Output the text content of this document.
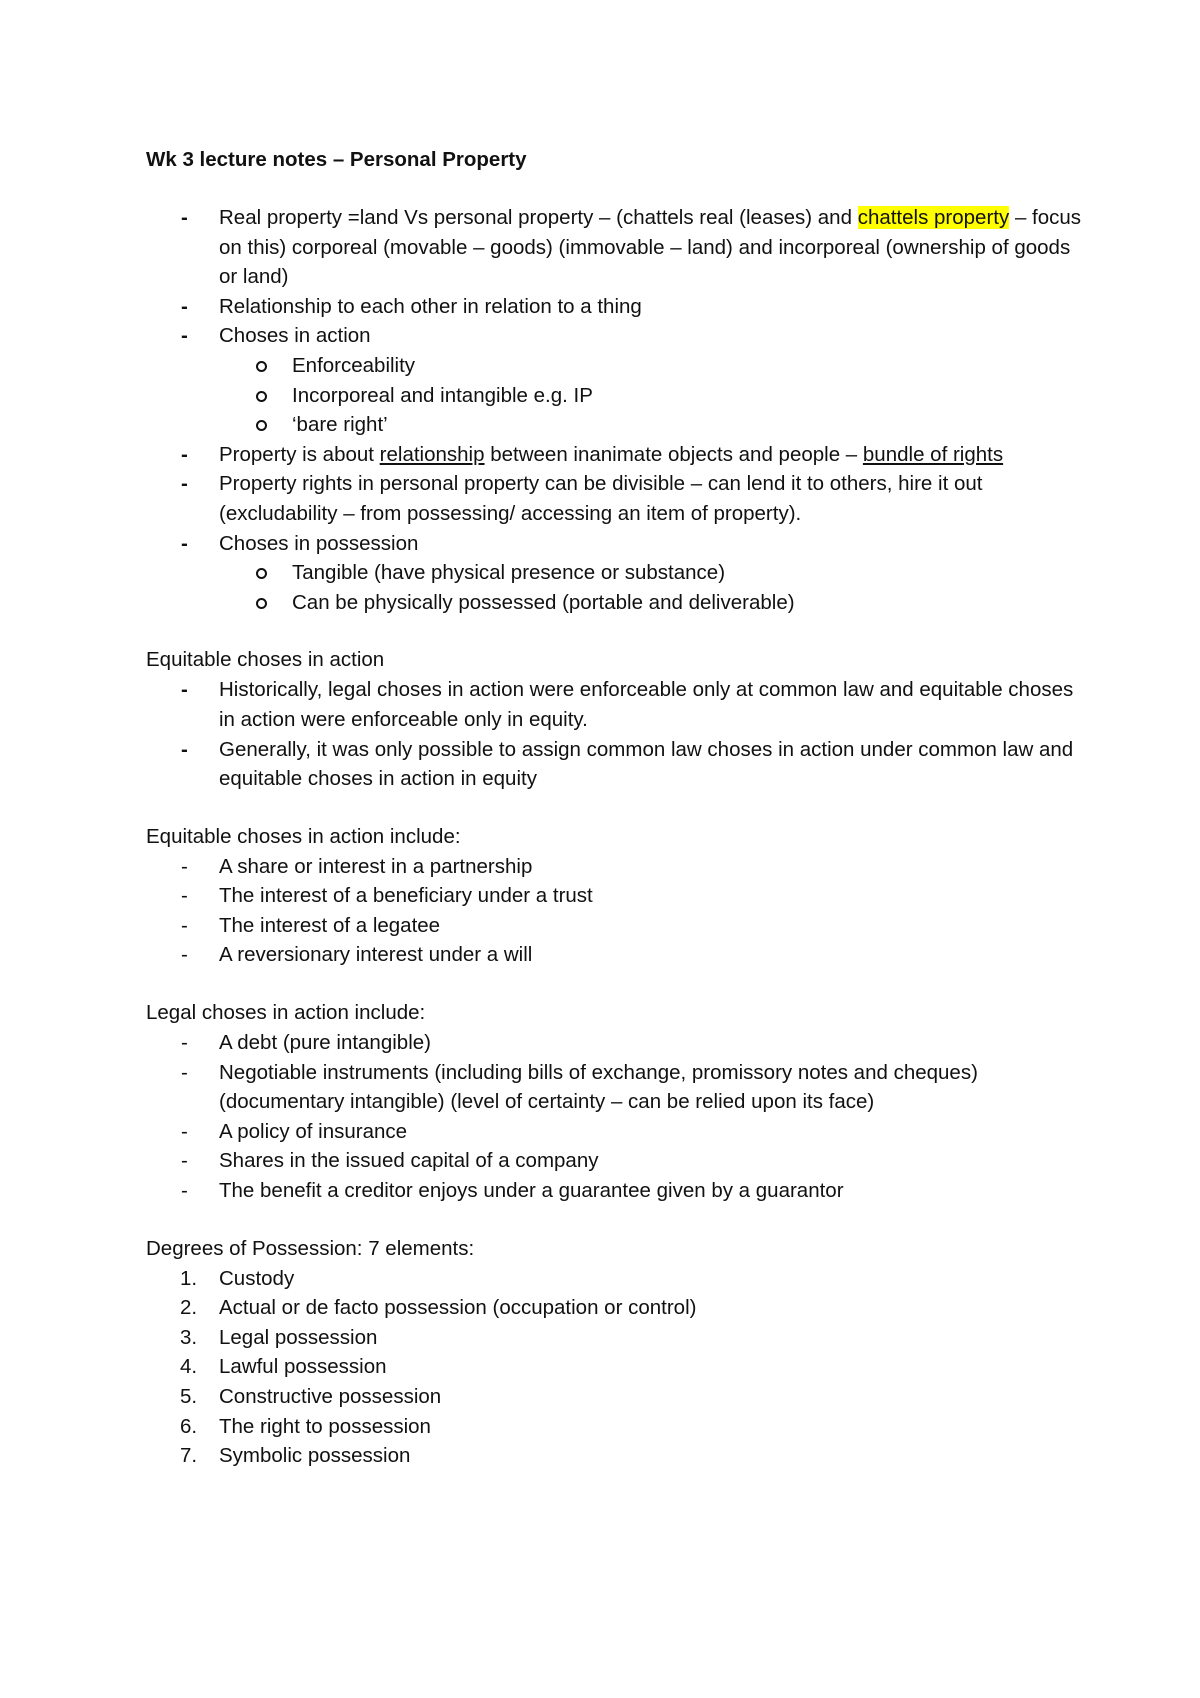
Wk 3 lecture notes – Personal Property
- Real property =land Vs personal property – (chattels real (leases) and chattels property – focus on this) corporeal (movable – goods) (immovable – land) and incorporeal (ownership of goods or land)
- Relationship to each other in relation to a thing
- Choses in action
Enforceability
Incorporeal and intangible e.g. IP
‘bare right’
- Property is about relationship between inanimate objects and people – bundle of rights
- Property rights in personal property can be divisible – can lend it to others, hire it out (excludability – from possessing/ accessing an item of property).
- Choses in possession
Tangible (have physical presence or substance)
Can be physically possessed (portable and deliverable)
Equitable choses in action
- Historically, legal choses in action were enforceable only at common law and equitable choses in action were enforceable only in equity.
- Generally, it was only possible to assign common law choses in action under common law and equitable choses in action in equity
Equitable choses in action include:
- A share or interest in a partnership
- The interest of a beneficiary under a trust
- The interest of a legatee
- A reversionary interest under a will
Legal choses in action include:
- A debt (pure intangible)
- Negotiable instruments (including bills of exchange, promissory notes and cheques) (documentary intangible) (level of certainty – can be relied upon its face)
- A policy of insurance
- Shares in the issued capital of a company
- The benefit a creditor enjoys under a guarantee given by a guarantor
Degrees of Possession: 7 elements:
1. Custody
2. Actual or de facto possession (occupation or control)
3. Legal possession
4. Lawful possession
5. Constructive possession
6. The right to possession
7. Symbolic possession
